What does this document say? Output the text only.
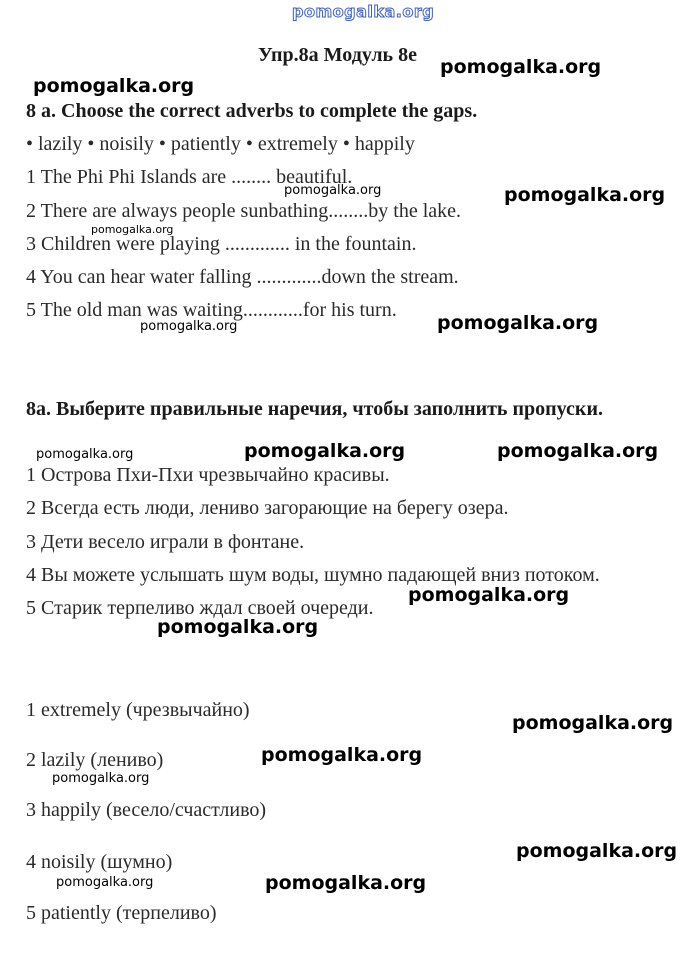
pomogalka.org
Упр.8а Модуль 8е
8 a. Choose the correct adverbs to complete the gaps.
• lazily • noisily • patiently • extremely • happily
1 The Phi Phi Islands are ........ beautiful.
2 There are always people sunbathing........by the lake.
3 Children were playing ............. in the fountain.
4 You can hear water falling .............down the stream.
5 The old man was waiting............for his turn.
8a. Выберите правильные наречия, чтобы заполнить пропуски.
1 Острова Пхи-Пхи чрезвычайно красивы.
2 Всегда есть люди, лениво загорающие на берегу озера.
3 Дети весело играли в фонтане.
4 Вы можете услышать шум воды, шумно падающей вниз потоком.
5 Старик терпеливо ждал своей очереди.
1 extremely (чрезвычайно)
2 lazily (лениво)
3 happily (весело/счастливо)
4 noisily (шумно)
5 patiently (терпеливо)
pomogalka.org
pomogalka.org
pomogalka.org
pomogalka.org
pomogalka.org	pomogalka.org
pomogalka.org
pomogalka.org
pomogalka.org
pomogalka.org
pomogalka.org
pomogalka.org
pomogalka.org
pomogalka.org
pomogalka.org
pomogalka.org
pomogalka.org
pomogalka.org
